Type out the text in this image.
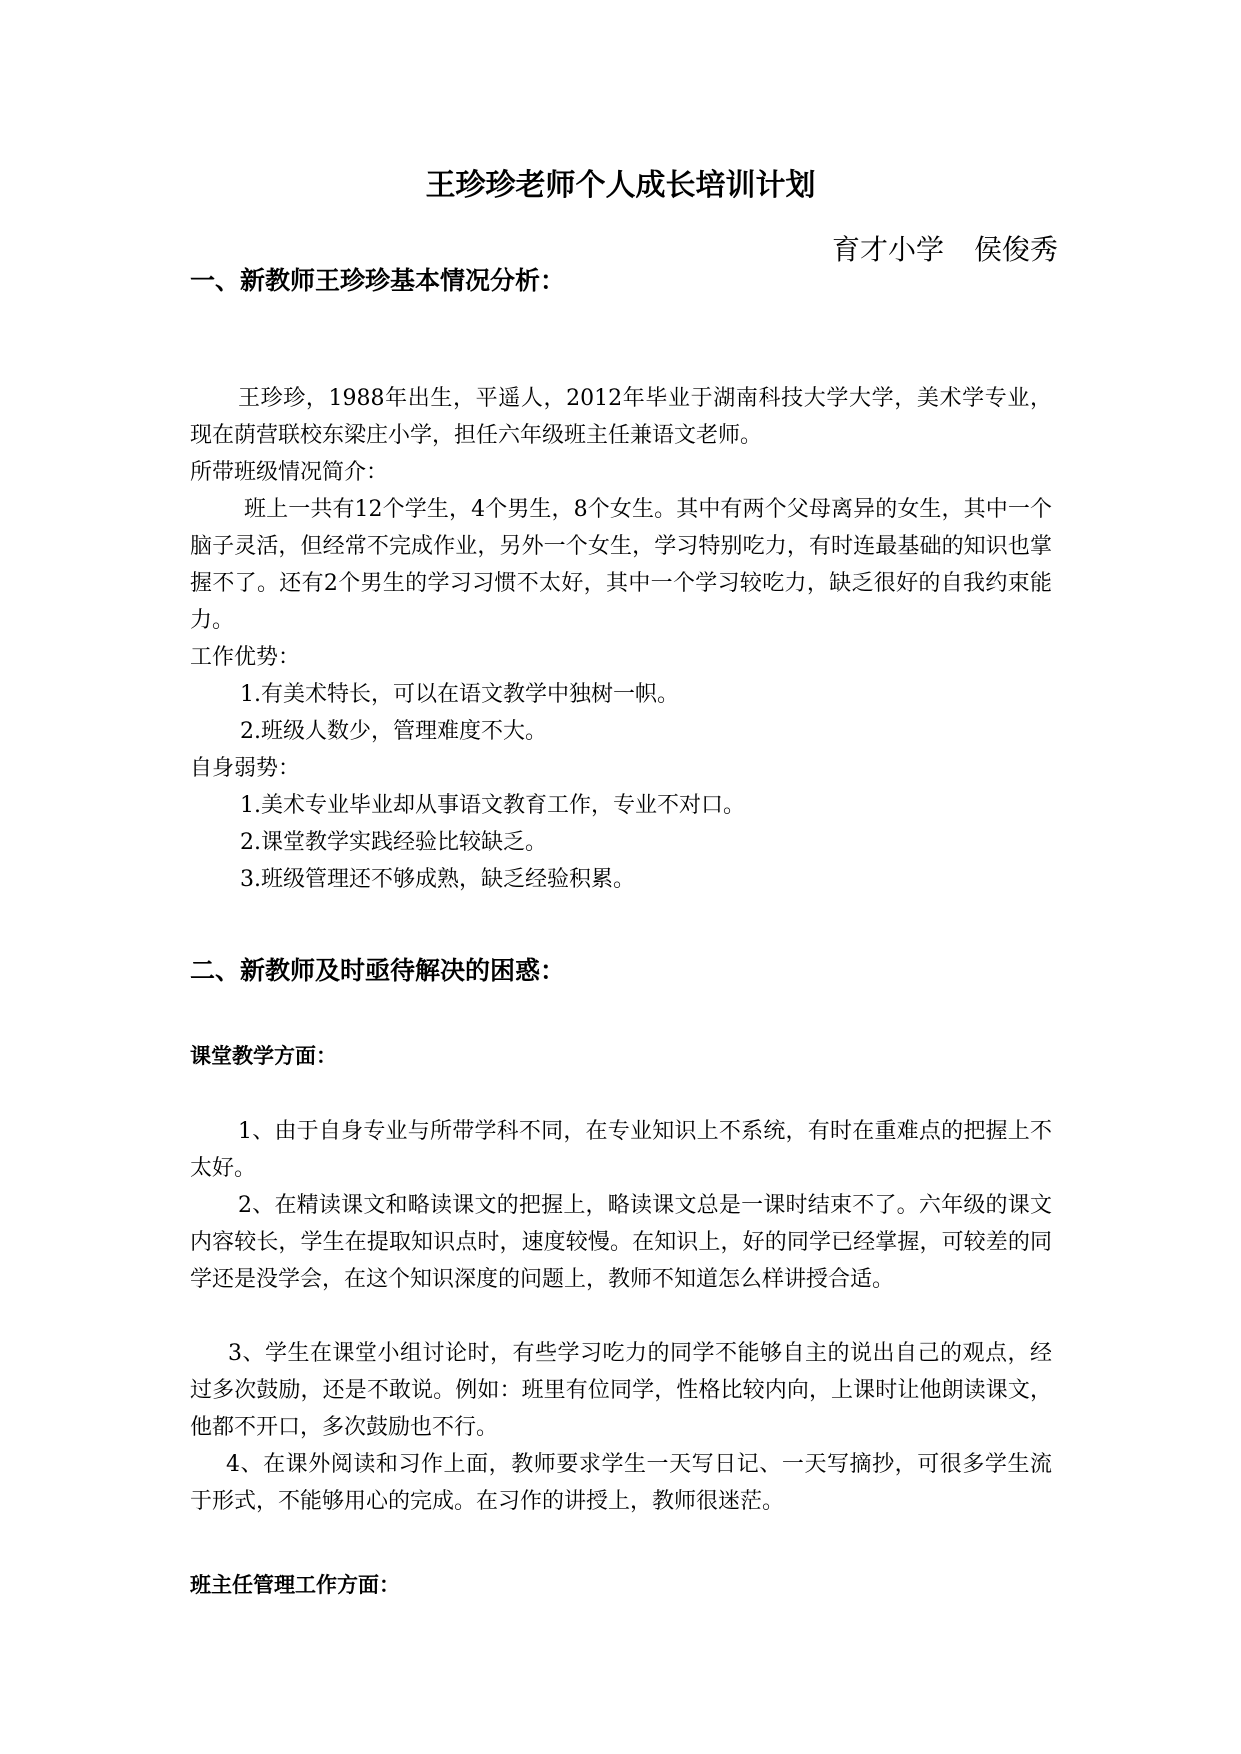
王珍珍老师个人成长培训计划
育才小学 侯俊秀
一、新教师王珍珍基本情况分析：

王珍珍，1988年出生，平遥人，2012年毕业于湖南科技大学大学，美术学专业，现在荫营联校东梁庄小学，担任六年级班主任兼语文老师。

所带班级情况简介：

班上一共有12个学生，4个男生，8个女生。其中有两个父母离异的女生，其中一个脑子灵活，但经常不完成作业，另外一个女生，学习特别吃力，有时连最基础的知识也掌握不了。还有2个男生的学习习惯不太好，其中一个学习较吃力，缺乏很好的自我约束能力。

工作优势：
1.有美术特长，可以在语文教学中独树一帜。
2.班级人数少，管理难度不大。
自身弱势：
1.美术专业毕业却从事语文教育工作，专业不对口。
2.课堂教学实践经验比较缺乏。
3.班级管理还不够成熟，缺乏经验积累。
二、新教师及时亟待解决的困惑：
课堂教学方面：

1、由于自身专业与所带学科不同，在专业知识上不系统，有时在重难点的把握上不太好。

2、在精读课文和略读课文的把握上，略读课文总是一课时结束不了。六年级的课文内容较长，学生在提取知识点时，速度较慢。在知识上，好的同学已经掌握，可较差的同学还是没学会，在这个知识深度的问题上，教师不知道怎么样讲授合适。

3、学生在课堂小组讨论时，有些学习吃力的同学不能够自主的说出自己的观点，经过多次鼓励，还是不敢说。例如：班里有位同学，性格比较内向，上课时让他朗读课文，他都不开口，多次鼓励也不行。

4、在课外阅读和习作上面，教师要求学生一天写日记、一天写摘抄，可很多学生流于形式，不能够用心的完成。在习作的讲授上，教师很迷茫。

班主任管理工作方面：
